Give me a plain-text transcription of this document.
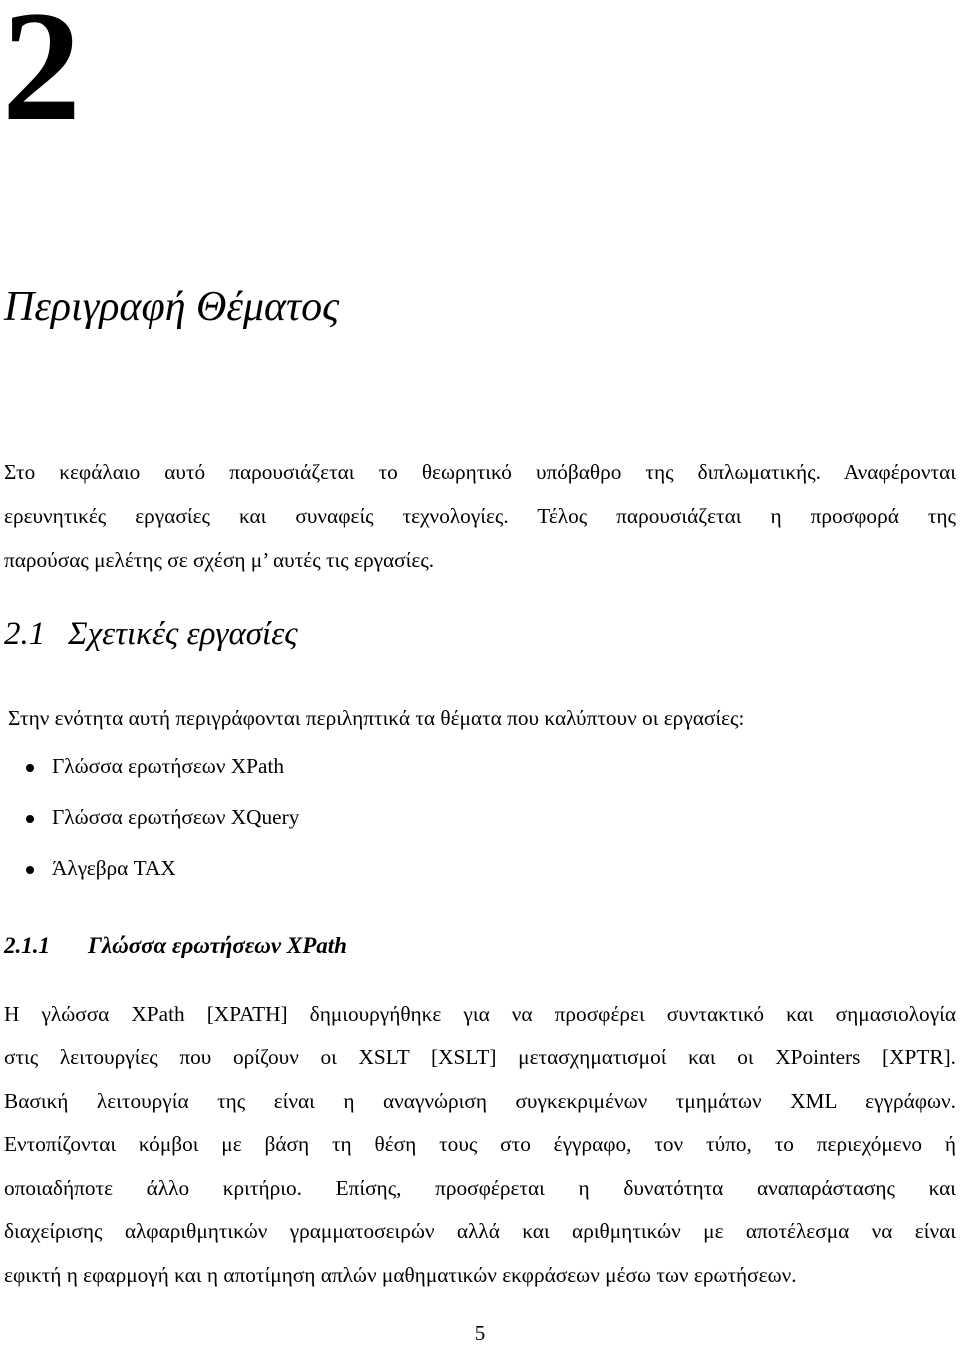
2
Περιγραφή Θέματος
Στο κεφάλαιο αυτό παρουσιάζεται το θεωρητικό υπόβαθρο της διπλωματικής. Αναφέρονται
ερευνητικές εργασίες και συναφείς τεχνολογίες. Τέλος παρουσιάζεται η προσφορά της
παρούσας μελέτης σε σχέση μ’ αυτές τις εργασίες.
2.1 Σχετικές εργασίες
Στην ενότητα αυτή περιγράφονται περιληπτικά τα θέματα που καλύπτουν οι εργασίες:
Γλώσσα ερωτήσεων XPath
Γλώσσα ερωτήσεων XQuery
Άλγεβρα TAX
2.1.1 Γλώσσα ερωτήσεων XPath
Η γλώσσα XPath [XPATH] δημιουργήθηκε για να προσφέρει συντακτικό και σημασιολογία
στις λειτουργίες που ορίζουν οι XSLT [XSLT] μετασχηματισμοί και οι XPointers [XPTR].
Βασική λειτουργία της είναι η αναγνώριση συγκεκριμένων τμημάτων XML εγγράφων.
Εντοπίζονται κόμβοι με βάση τη θέση τους στο έγγραφο, τον τύπο, το περιεχόμενο ή
οποιαδήποτε άλλο κριτήριο. Επίσης, προσφέρεται η δυνατότητα αναπαράστασης και
διαχείρισης αλφαριθμητικών γραμματοσειρών αλλά και αριθμητικών με αποτέλεσμα να είναι
εφικτή η εφαρμογή και η αποτίμηση απλών μαθηματικών εκφράσεων μέσω των ερωτήσεων.
5
